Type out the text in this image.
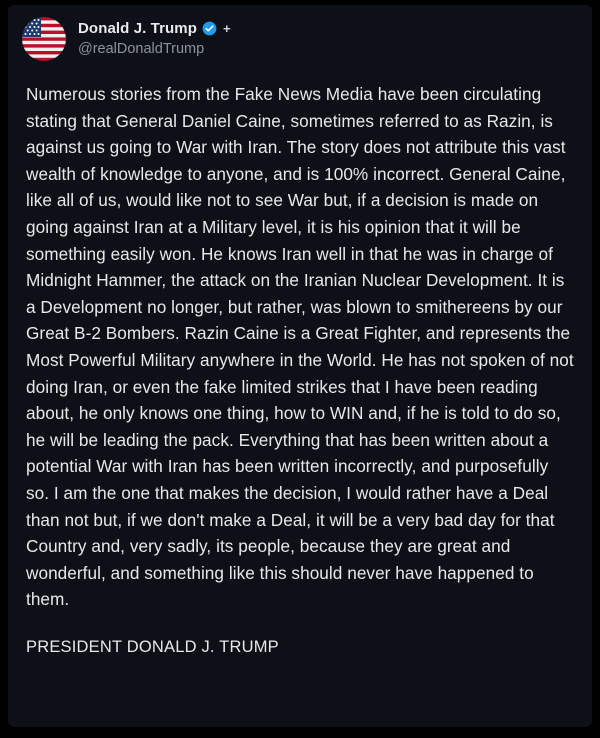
Donald J. Trump +
@realDonaldTrump

Numerous stories from the Fake News Media have been circulating stating that General Daniel Caine, sometimes referred to as Razin, is against us going to War with Iran. The story does not attribute this vast wealth of knowledge to anyone, and is 100% incorrect. General Caine, like all of us, would like not to see War but, if a decision is made on going against Iran at a Military level, it is his opinion that it will be something easily won. He knows Iran well in that he was in charge of Midnight Hammer, the attack on the Iranian Nuclear Development. It is a Development no longer, but rather, was blown to smithereens by our Great B-2 Bombers. Razin Caine is a Great Fighter, and represents the Most Powerful Military anywhere in the World. He has not spoken of not doing Iran, or even the fake limited strikes that I have been reading about, he only knows one thing, how to WIN and, if he is told to do so, he will be leading the pack. Everything that has been written about a potential War with Iran has been written incorrectly, and purposefully so. I am the one that makes the decision, I would rather have a Deal than not but, if we don't make a Deal, it will be a very bad day for that Country and, very sadly, its people, because they are great and wonderful, and something like this should never have happened to them.

PRESIDENT DONALD J. TRUMP
